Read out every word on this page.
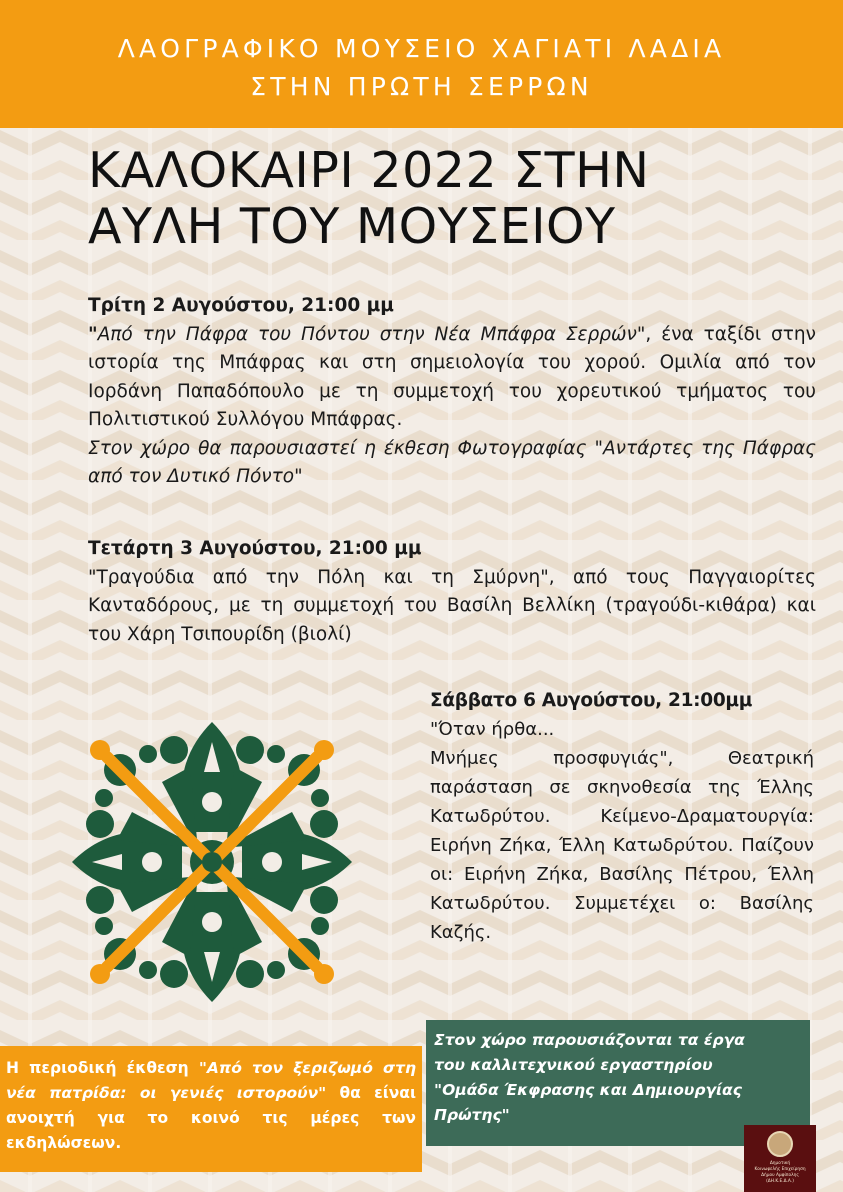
ΛΑΟΓΡΑΦΙΚΟ ΜΟΥΣΕΙΟ ΧΑΓΙΑΤΙ ΛΑΔΙΑ
ΣΤΗΝ ΠΡΩΤΗ ΣΕΡΡΩΝ
ΚΑΛΟΚΑΙΡΙ 2022 ΣΤΗΝ
ΑΥΛΗ ΤΟΥ ΜΟΥΣΕΙΟΥ
Τρίτη 2 Αυγούστου, 21:00 μμ
"Από την Πάφρα του Πόντου στην Νέα Μπάφρα Σερρών", ένα ταξίδι στην ιστορία της Μπάφρας και στη σημειολογία του χορού. Ομιλία από τον Ιορδάνη Παπαδόπουλο με τη συμμετοχή του χορευτικού τμήματος του Πολιτιστικού Συλλόγου Μπάφρας.
Στον χώρο θα παρουσιαστεί η έκθεση Φωτογραφίας "Αντάρτες της Πάφρας από τον Δυτικό Πόντο"
Τετάρτη 3 Αυγούστου, 21:00 μμ
"Τραγούδια από την Πόλη και τη Σμύρνη", από τους Παγγαιορίτες Κανταδόρους, με τη συμμετοχή του Βασίλη Βελλίκη (τραγούδι-κιθάρα) και του Χάρη Τσιπουρίδη (βιολί)
Σάββατο 6 Αυγούστου, 21:00μμ
"Όταν ήρθα...
Μνήμες προσφυγιάς", Θεατρική παράσταση σε σκηνοθεσία της Έλλης Κατωδρύτου. Κείμενο-Δραματουργία: Ειρήνη Ζήκα, Έλλη Κατωδρύτου. Παίζουν οι: Ειρήνη Ζήκα, Βασίλης Πέτρου, Έλλη Κατωδρύτου. Συμμετέχει ο: Βασίλης Καζής.
Στον χώρο παρουσιάζονται τα έργα
του καλλιτεχνικού εργαστηρίου
"Ομάδα Έκφρασης και Δημιουργίας
Πρώτης"
Η περιοδική έκθεση "Από τον ξεριζωμό στη νέα πατρίδα: οι γενιές ιστορούν" θα είναι ανοιχτή για το κοινό τις μέρες των εκδηλώσεων.
Δημοτική
Κοινωφελής Επιχείρηση
Δήμου Αμφίπολης
(ΔΗ.Κ.Ε.Δ.Α.)
